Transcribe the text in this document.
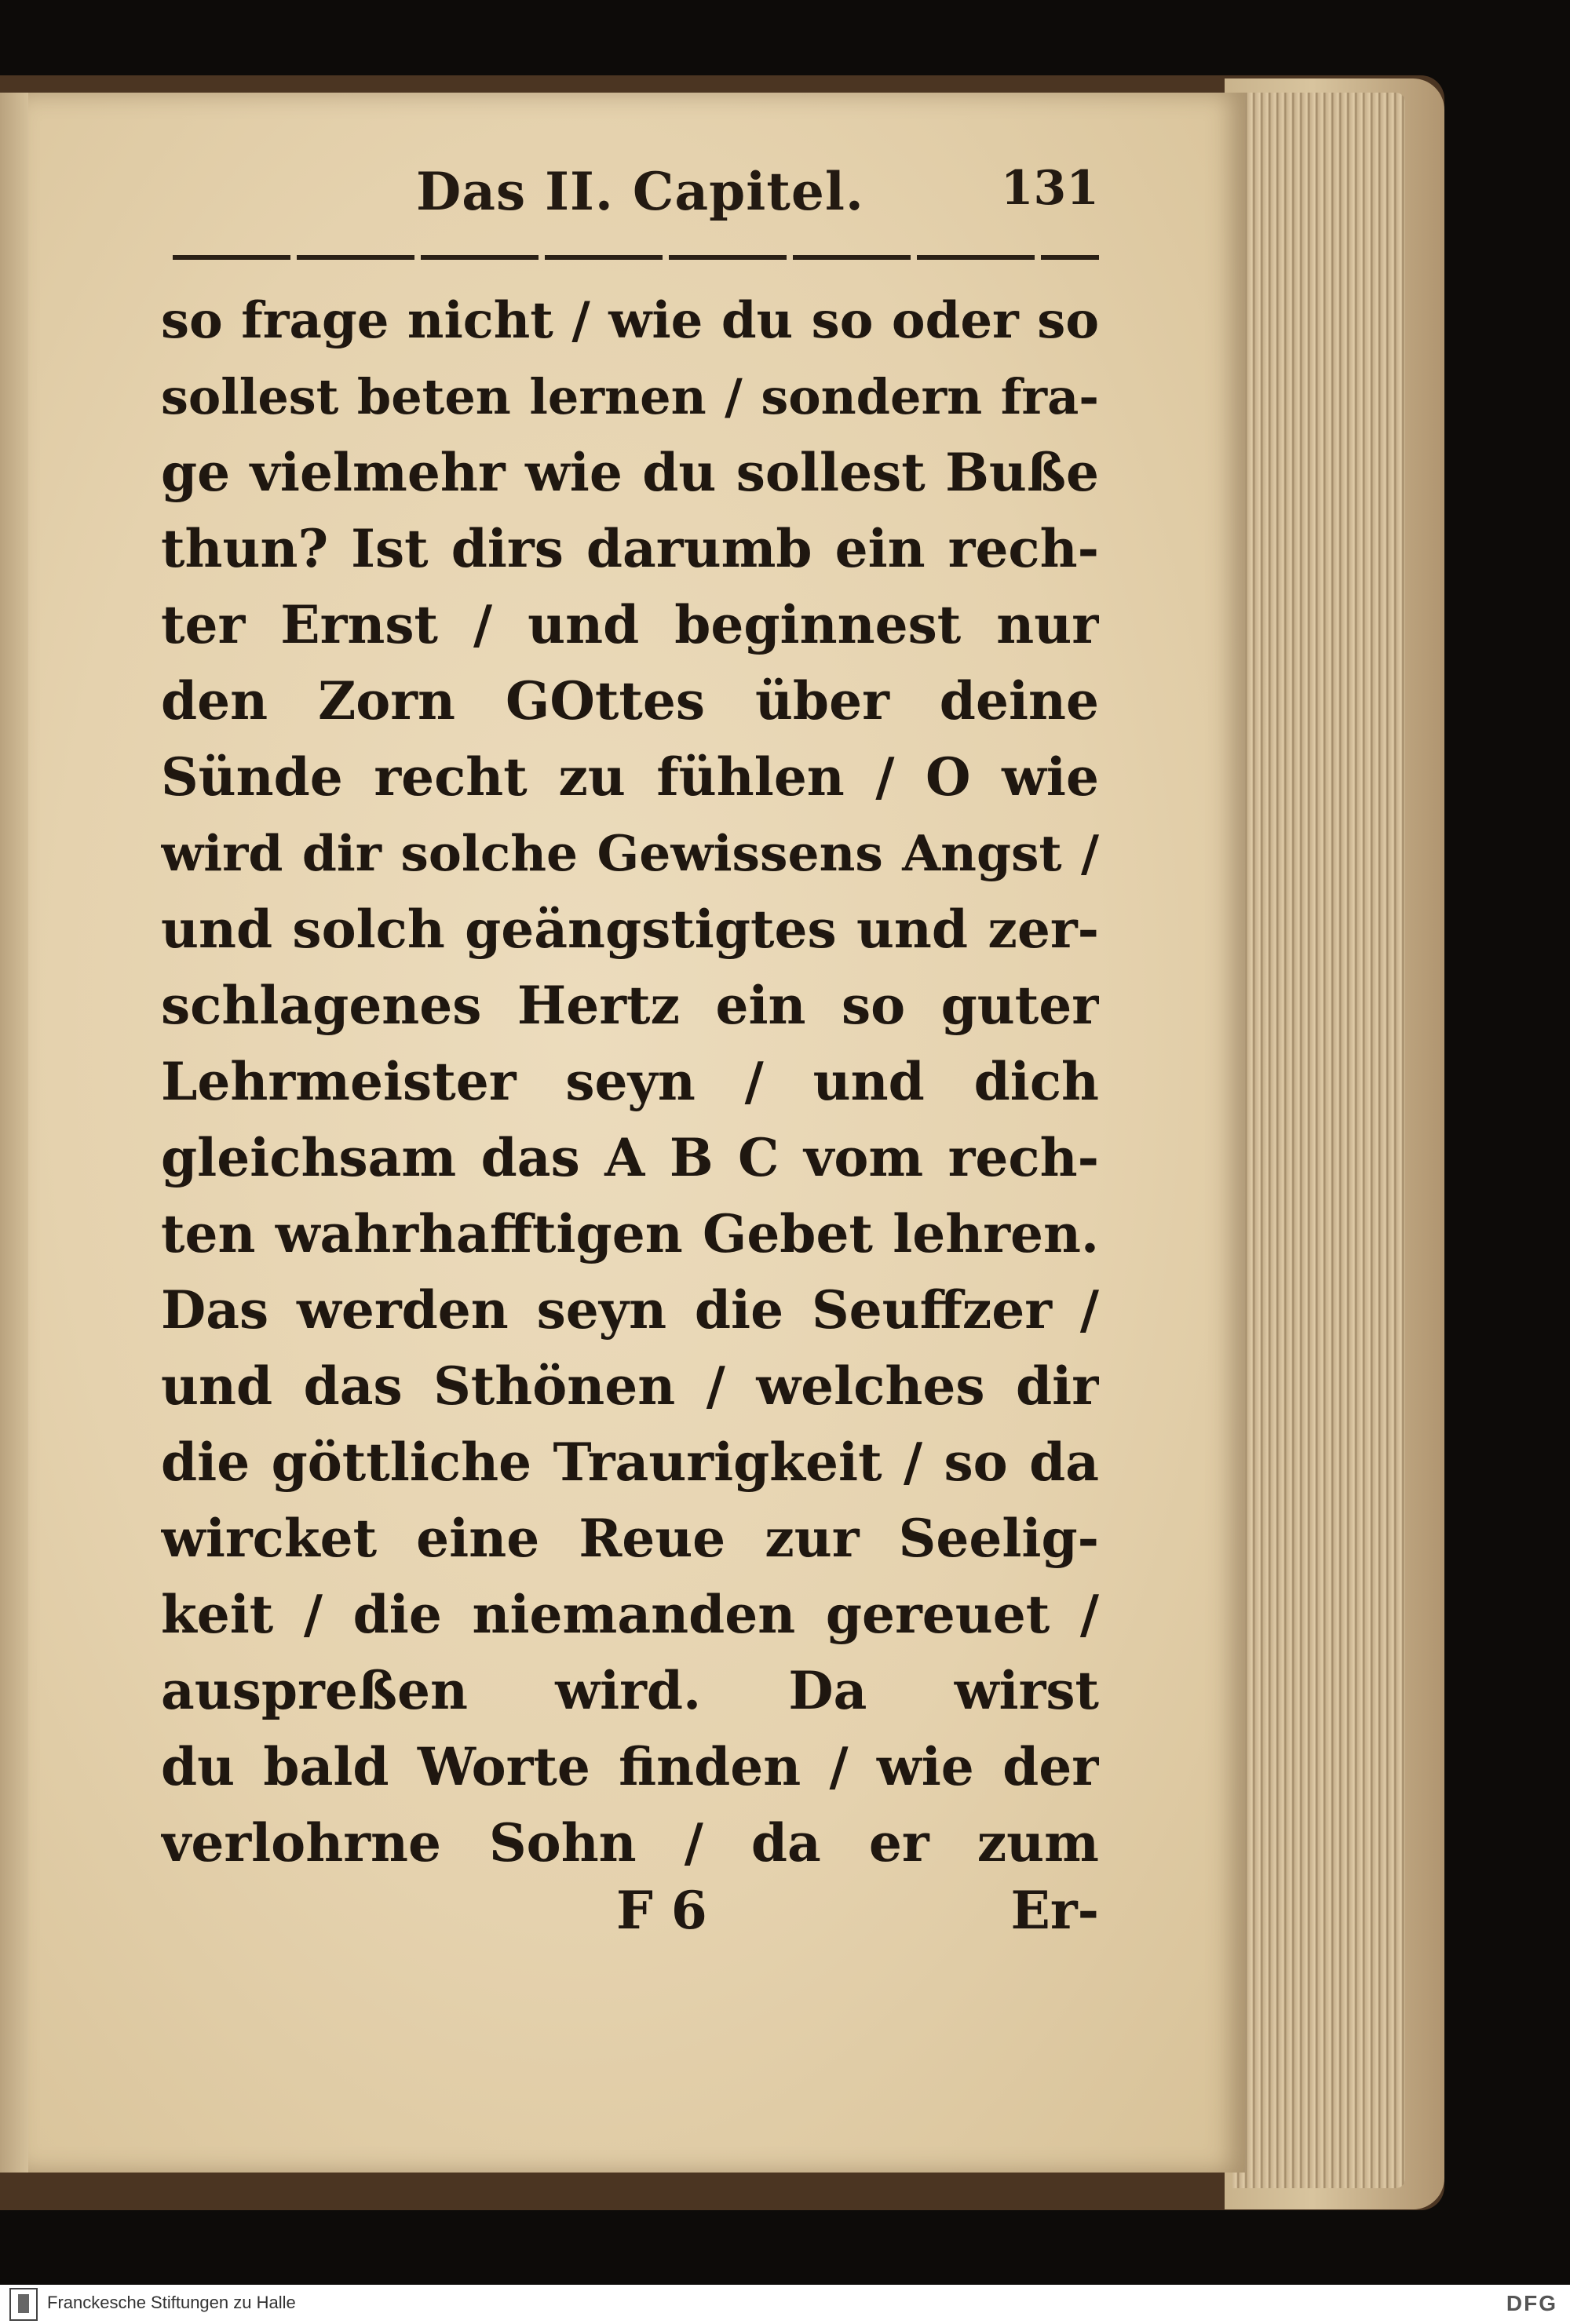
Das II. Capitel.	131
so frage nicht / wie du so oder so
sollest beten lernen / sondern fra-
ge vielmehr wie du sollest Buße
thun? Ist dirs darumb ein rech-
ter Ernst / und beginnest nur
den Zorn GOttes über deine
Sünde recht zu fühlen / O wie
wird dir solche Gewissens Angst /
und solch geängstigtes und zer-
schlagenes Hertz ein so guter
Lehrmeister seyn / und dich
gleichsam das A B C vom rech-
ten wahrhafftigen Gebet lehren.
Das werden seyn die Seuffzer /
und das Sthönen / welches dir
die göttliche Traurigkeit / so da
wircket eine Reue zur Seelig-
keit / die niemanden gereuet /
auspreßen wird. Da wirst
du bald Worte finden / wie der
verlohrne Sohn / da er zum
F 6	Er-
Franckesche Stiftungen zu Halle	DFG
